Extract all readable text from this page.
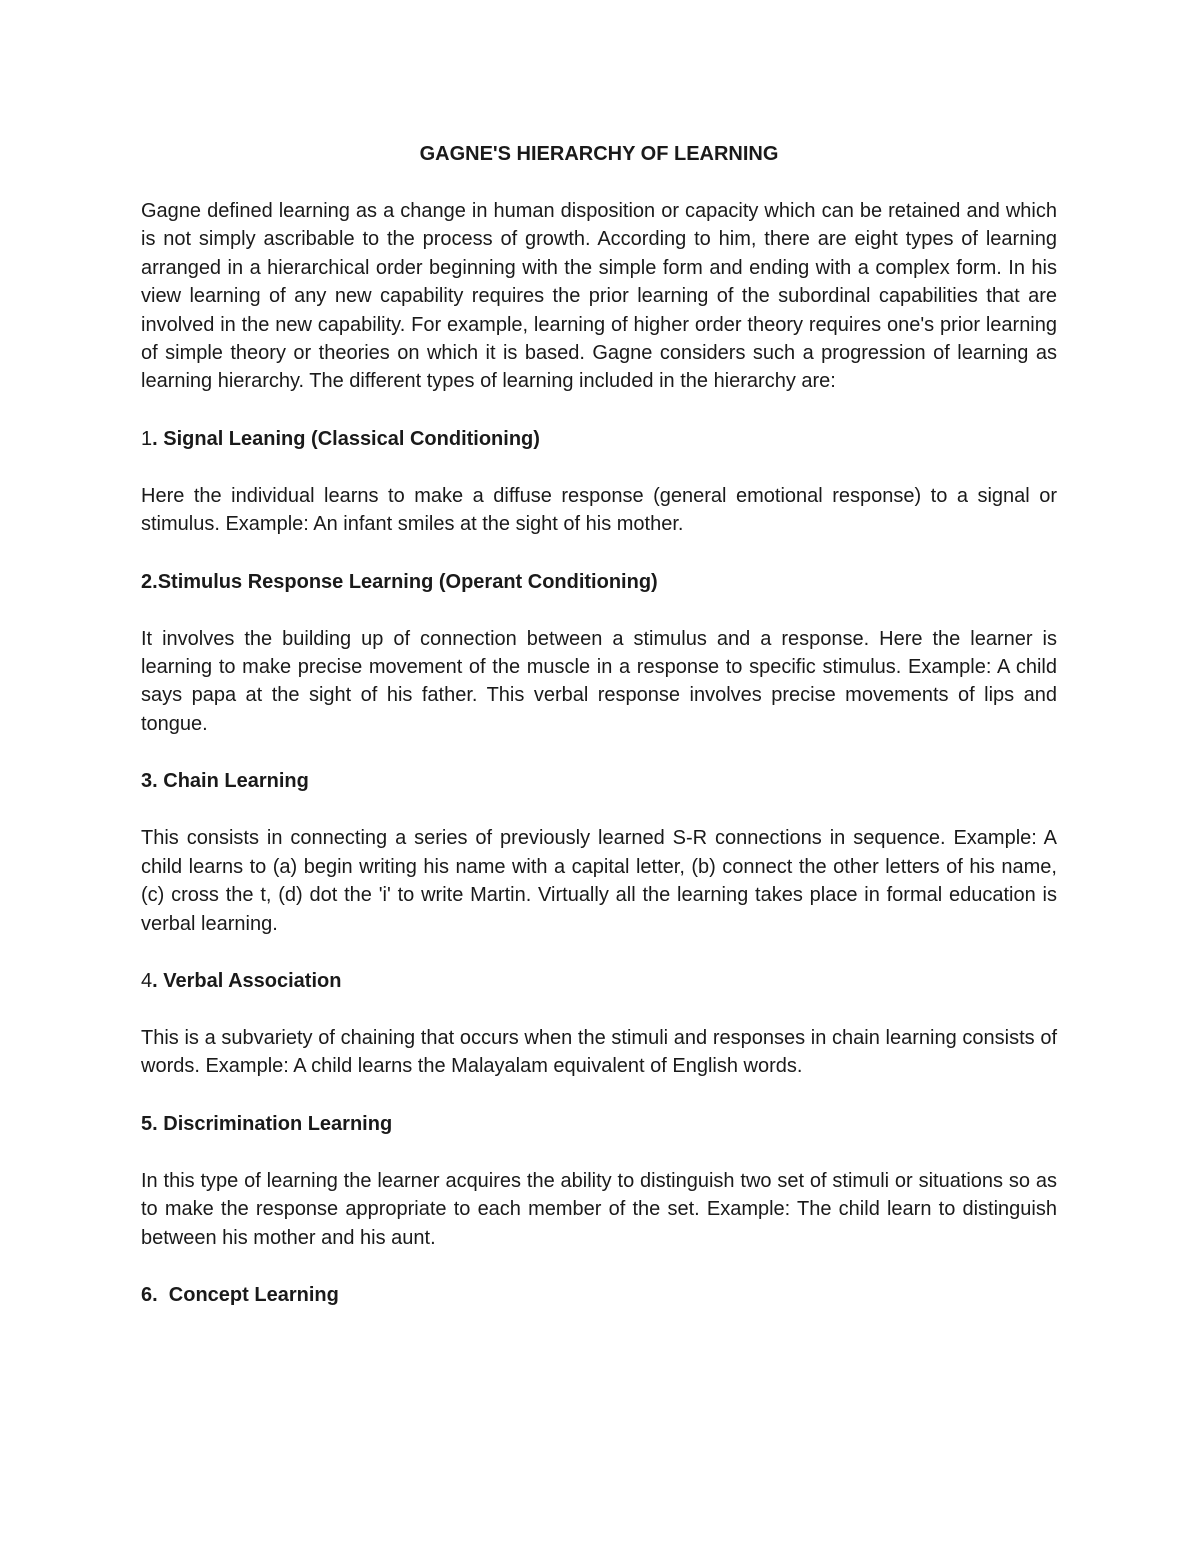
GAGNE'S HIERARCHY OF LEARNING

Gagne defined learning as a change in human disposition or capacity which can be retained and which is not simply ascribable to the process of growth. According to him, there are eight types of learning arranged in a hierarchical order beginning with the simple form and ending with a complex form. In his view learning of any new capability requires the prior learning of the subordinal capabilities that are involved in the new capability. For example, learning of higher order theory requires one's prior learning of simple theory or theories on which it is based. Gagne considers such a progression of learning as learning hierarchy. The different types of learning included in the hierarchy are:

1. Signal Leaning (Classical Conditioning)

Here the individual learns to make a diffuse response (general emotional response) to a signal or stimulus. Example: An infant smiles at the sight of his mother.

2.Stimulus Response Learning (Operant Conditioning)

It involves the building up of connection between a stimulus and a response. Here the learner is learning to make precise movement of the muscle in a response to specific stimulus. Example: A child says papa at the sight of his father. This verbal response involves precise movements of lips and tongue.

3. Chain Learning

This consists in connecting a series of previously learned S-R connections in sequence. Example: A child learns to (a) begin writing his name with a capital letter, (b) connect the other letters of his name, (c) cross the t, (d) dot the 'i' to write Martin. Virtually all the learning takes place in formal education is verbal learning.

4. Verbal Association

This is a subvariety of chaining that occurs when the stimuli and responses in chain learning consists of words. Example: A child learns the Malayalam equivalent of English words.

5. Discrimination Learning

In this type of learning the learner acquires the ability to distinguish two set of stimuli or situations so as to make the response appropriate to each member of the set. Example: The child learn to distinguish between his mother and his aunt.

6.  Concept Learning
